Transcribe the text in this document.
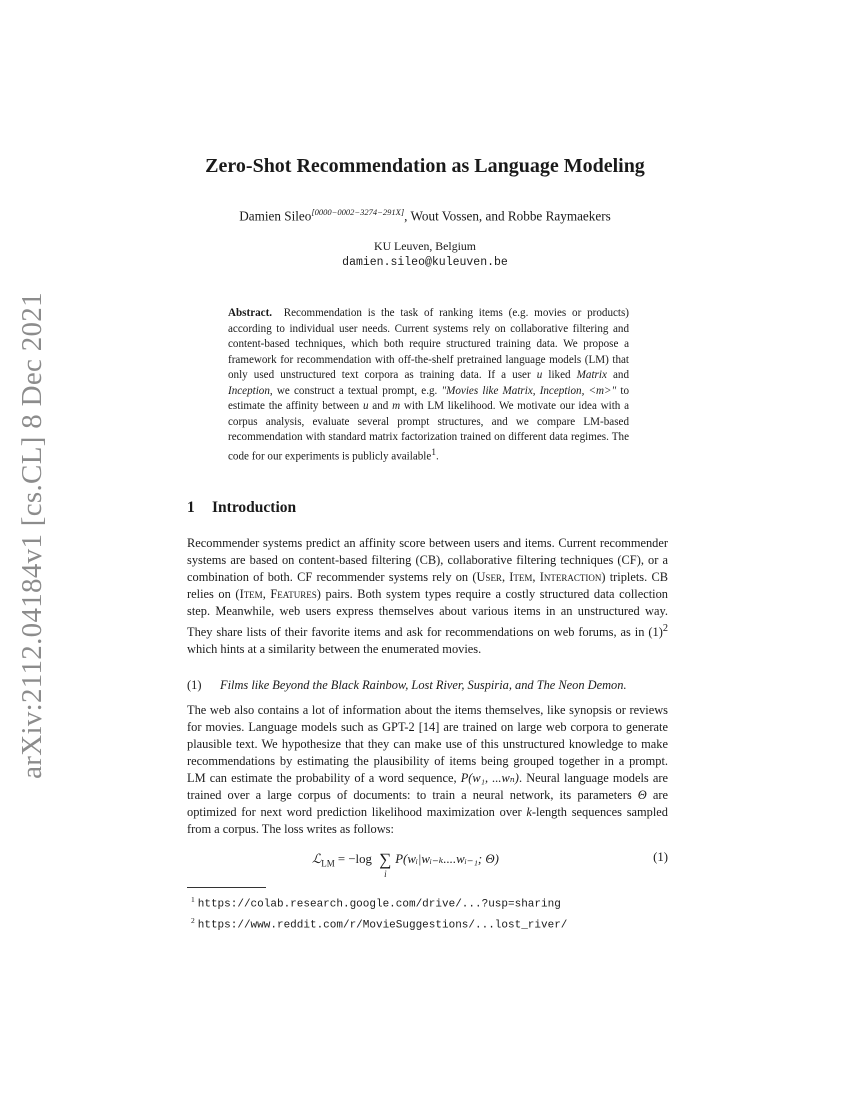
arXiv:2112.04184v1 [cs.CL] 8 Dec 2021
Zero-Shot Recommendation as Language Modeling
Damien Sileo[0000−0002−3274−291X], Wout Vossen, and Robbe Raymaekers
KU Leuven, Belgium
damien.sileo@kuleuven.be
Abstract. Recommendation is the task of ranking items (e.g. movies or products) according to individual user needs. Current systems rely on collaborative filtering and content-based techniques, which both require structured training data. We propose a framework for recommendation with off-the-shelf pretrained language models (LM) that only used unstructured text corpora as training data. If a user u liked Matrix and Inception, we construct a textual prompt, e.g. "Movies like Matrix, Inception, <m>" to estimate the affinity between u and m with LM likelihood. We motivate our idea with a corpus analysis, evaluate several prompt structures, and we compare LM-based recommendation with standard matrix factorization trained on different data regimes. The code for our experiments is publicly available$^1$.
1 Introduction
Recommender systems predict an affinity score between users and items. Current recommender systems are based on content-based filtering (CB), collaborative filtering techniques (CF), or a combination of both. CF recommender systems rely on (User, Item, Interaction) triplets. CB relies on (Item, Features) pairs. Both system types require a costly structured data collection step. Meanwhile, web users express themselves about various items in an unstructured way. They share lists of their favorite items and ask for recommendations on web forums, as in $(1)^2$ which hints at a similarity between the enumerated movies.
(1) Films like Beyond the Black Rainbow, Lost River, Suspiria, and The Neon Demon.
The web also contains a lot of information about the items themselves, like synopsis or reviews for movies. Language models such as GPT-2 [14] are trained on large web corpora to generate plausible text. We hypothesize that they can make use of this unstructured knowledge to make recommendations by estimating the plausibility of items being grouped together in a prompt. LM can estimate the probability of a word sequence, P(w₁, ...wₙ). Neural language models are trained over a large corpus of documents: to train a neural network, its parameters Θ are optimized for next word prediction likelihood maximization over k-length sequences sampled from a corpus. The loss writes as follows:
ℒ$_{LM}$ = −log ∑
i
P(wᵢ|wᵢ₋ₖ....wᵢ₋₁; Θ)	(1)
$^1$ https://colab.research.google.com/drive/...?usp=sharing
$^2$ https://www.reddit.com/r/MovieSuggestions/...lost_river/
